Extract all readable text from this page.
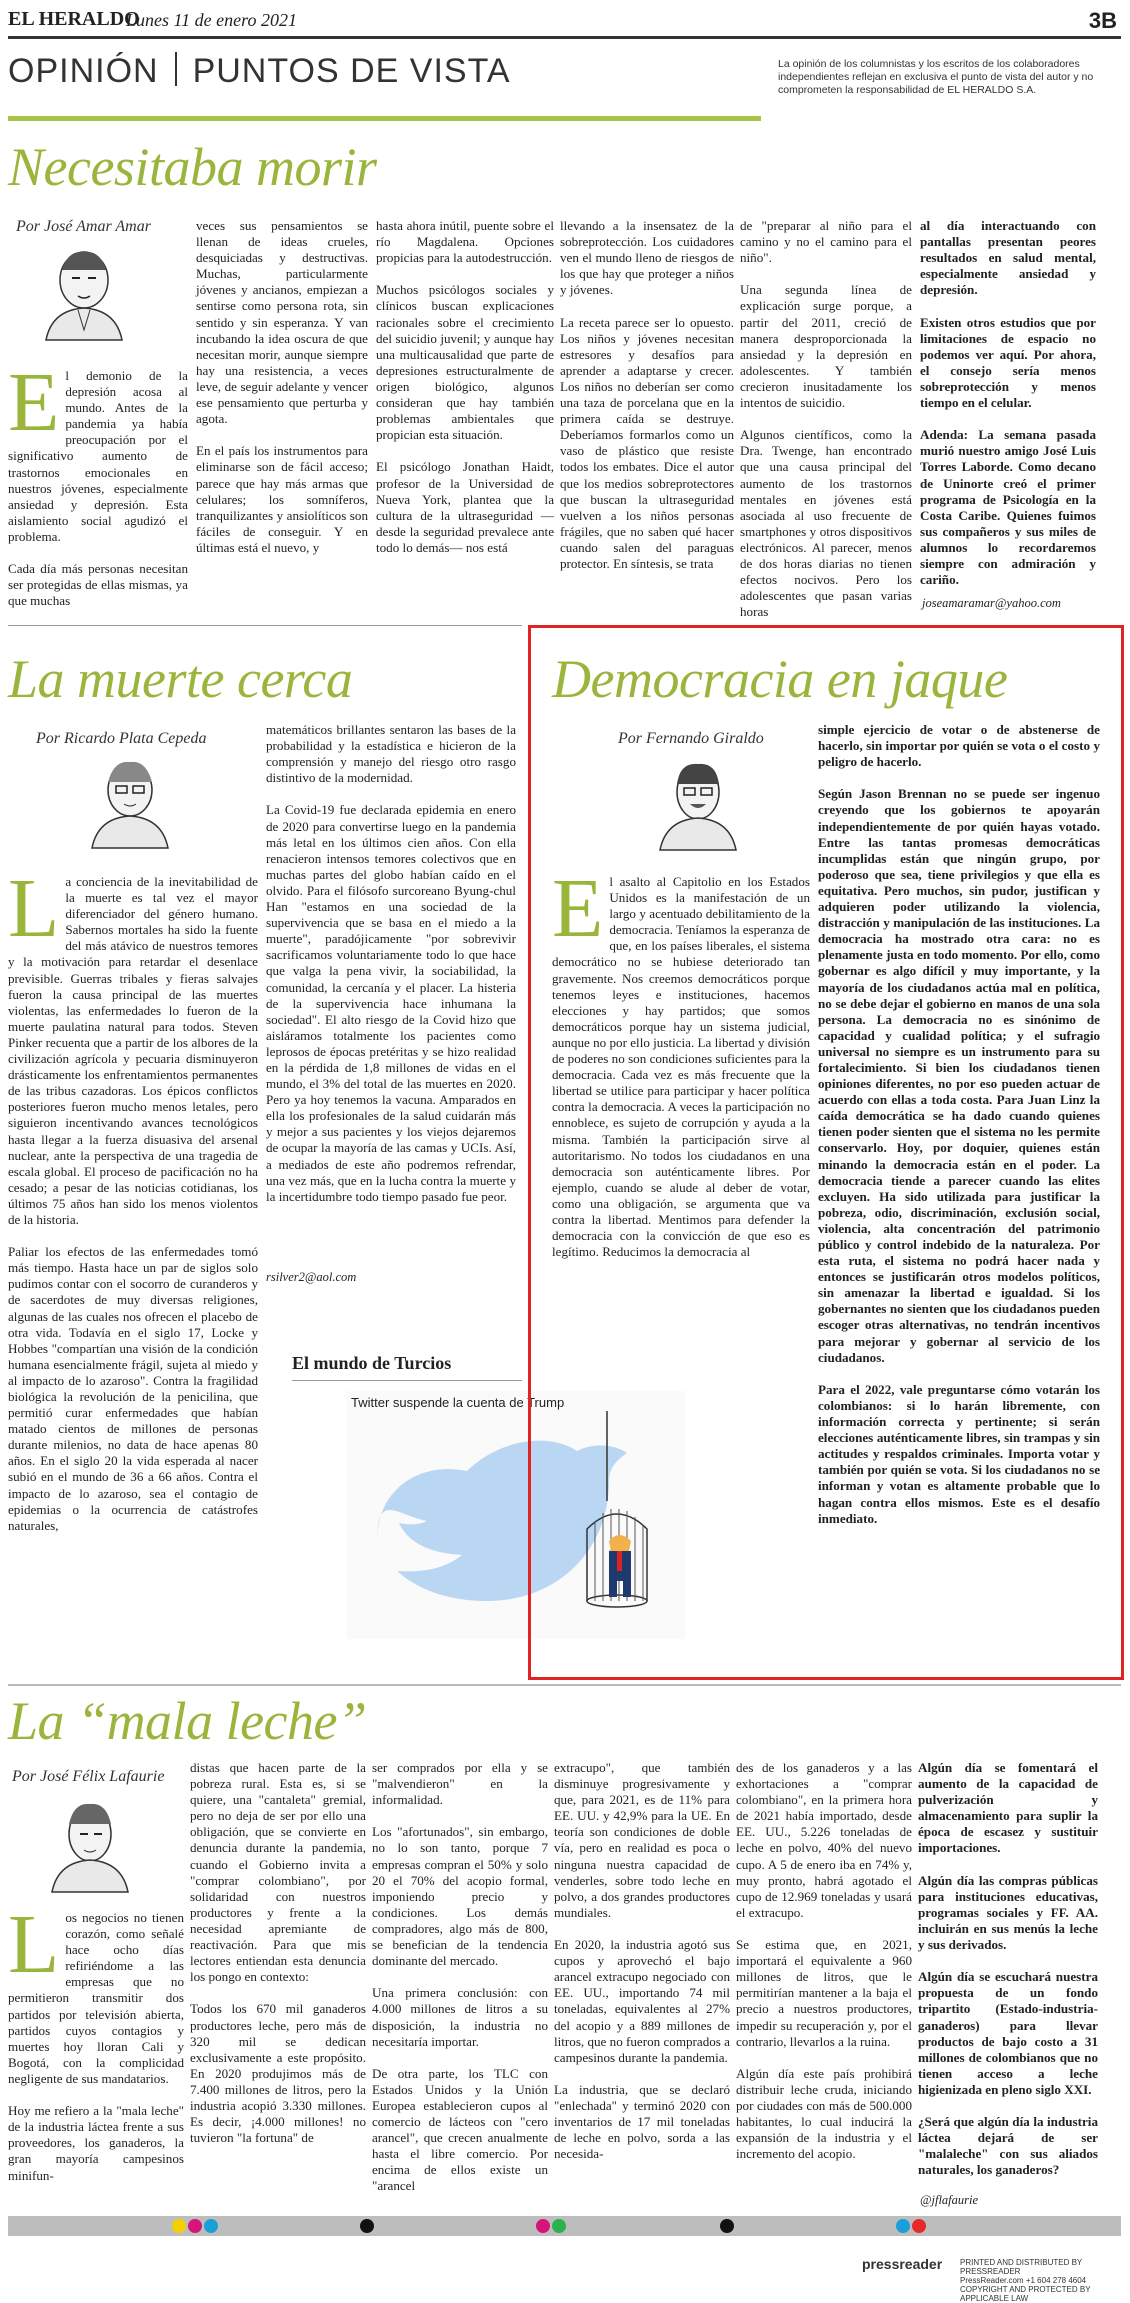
EL HERALDO
Lunes 11 de enero 2021	3B
OPINIÓN PUNTOS DE VISTA	La opinión de los columnistas y los escritos de los colaboradores independientes reflejan en exclusiva el punto de vista del autor y no comprometen la responsabilidad de EL HERALDO S.A.
Necesitaba morir
Por José Amar Amar
El demonio de la depresión acosa al mundo. Antes de la pandemia ya había preocupación por el significativo aumento de trastornos emocionales en nuestros jóvenes, especialmente ansiedad y depresión. Esta aislamiento social agudizó el problema.

Cada día más personas necesitan ser protegidas de ellas mismas, ya que muchas
veces sus pensamientos se llenan de ideas crueles, desquiciadas y destructivas. Muchas, particularmente jóvenes y ancianos, empiezan a sentirse como persona rota, sin sentido y sin esperanza. Y van incubando la idea oscura de que necesitan morir, aunque siempre hay una resistencia, a veces leve, de seguir adelante y vencer ese pensamiento que perturba y agota.

En el país los instrumentos para eliminarse son de fácil acceso; parece que hay más armas que celulares; los somníferos, tranquilizantes y ansiolíticos son fáciles de conseguir. Y en últimas está el nuevo, y
hasta ahora inútil, puente sobre el río Magdalena. Opciones propicias para la autodestrucción.

Muchos psicólogos sociales y clínicos buscan explicaciones racionales sobre el crecimiento del suicidio juvenil; y aunque hay una multicausalidad que parte de depresiones estructuralmente de origen biológico, algunos consideran que hay también problemas ambientales que propician esta situación.

El psicólogo Jonathan Haidt, profesor de la Universidad de Nueva York, plantea que la cultura de la ultraseguridad —desde la seguridad prevalece ante todo lo demás— nos está
llevando a la insensatez de la sobreprotección. Los cuidadores ven el mundo lleno de riesgos de los que hay que proteger a niños y jóvenes.

La receta parece ser lo opuesto. Los niños y jóvenes necesitan estresores y desafíos para aprender a adaptarse y crecer. Los niños no deberían ser como una taza de porcelana que en la primera caída se destruye. Deberíamos formarlos como un vaso de plástico que resiste todos los embates. Dice el autor que los medios sobreprotectores que buscan la ultraseguridad vuelven a los niños personas frágiles, que no saben qué hacer cuando salen del paraguas protector. En síntesis, se trata
de "preparar al niño para el camino y no el camino para el niño".

Una segunda línea de explicación surge porque, a partir del 2011, creció de manera desproporcionada la ansiedad y la depresión en adolescentes. Y también crecieron inusitadamente los intentos de suicidio.

Algunos científicos, como la Dra. Twenge, han encontrado que una causa principal del aumento de los trastornos mentales en jóvenes está asociada al uso frecuente de smartphones y otros dispositivos electrónicos. Al parecer, menos de dos horas diarias no tienen efectos nocivos. Pero los adolescentes que pasan varias horas
al día interactuando con pantallas presentan peores resultados en salud mental, especialmente ansiedad y depresión.

Existen otros estudios que por limitaciones de espacio no podemos ver aquí. Por ahora, el consejo sería menos sobreprotección y menos tiempo en el celular.

Adenda: La semana pasada murió nuestro amigo José Luis Torres Laborde. Como decano de Uninorte creó el primer programa de Psicología en la Costa Caribe. Quienes fuimos sus compañeros y sus miles de alumnos lo recordaremos siempre con admiración y cariño.
joseamaramar@yahoo.com
La muerte cerca
Por Ricardo Plata Cepeda
La conciencia de la inevitabilidad de la muerte es tal vez el mayor diferenciador del género humano. Sabernos mortales ha sido la fuente del más atávico de nuestros temores y la motivación para retardar el desenlace previsible. Guerras tribales y fieras salvajes fueron la causa principal de las muertes violentas, las enfermedades lo fueron de la muerte paulatina natural para todos. Steven Pinker recuenta que a partir de los albores de la civilización agrícola y pecuaria disminuyeron drásticamente los enfrentamientos permanentes de las tribus cazadoras. Los épicos conflictos posteriores fueron mucho menos letales, pero siguieron incentivando avances tecnológicos hasta llegar a la fuerza disuasiva del arsenal nuclear, ante la perspectiva de una tragedia de escala global. El proceso de pacificación no ha cesado; a pesar de las noticias cotidianas, los últimos 75 años han sido los menos violentos de la historia.

Paliar los efectos de las enfermedades tomó más tiempo. Hasta hace un par de siglos solo pudimos contar con el socorro de curanderos y de sacerdotes de muy diversas religiones, algunas de las cuales nos ofrecen el placebo de otra vida. Todavía en el siglo 17, Locke y Hobbes "compartían una visión de la condición humana esencialmente frágil, sujeta al miedo y al impacto de lo azaroso". Contra la fragilidad biológica la revolución de la penicilina, que permitió curar enfermedades que habían matado cientos de millones de personas durante milenios, no data de hace apenas 80 años. En el siglo 20 la vida esperada al nacer subió en el mundo de 36 a 66 años. Contra el impacto de lo azaroso, sea el contagio de epidemias o la ocurrencia de catástrofes naturales,
matemáticos brillantes sentaron las bases de la probabilidad y la estadística e hicieron de la comprensión y manejo del riesgo otro rasgo distintivo de la modernidad.

La Covid-19 fue declarada epidemia en enero de 2020 para convertirse luego en la pandemia más letal en los últimos cien años. Con ella renacieron intensos temores colectivos que en muchas partes del globo habían caído en el olvido. Para el filósofo surcoreano Byung-chul Han "estamos en una sociedad de la supervivencia que se basa en el miedo a la muerte", paradójicamente "por sobrevivir sacrificamos voluntariamente todo lo que hace que valga la pena vivir, la sociabilidad, la comunidad, la cercanía y el placer. La histeria de la supervivencia hace inhumana la sociedad". El alto riesgo de la Covid hizo que aisláramos totalmente los pacientes como leprosos de épocas pretéritas y se hizo realidad en la pérdida de 1,8 millones de vidas en el mundo, el 3% del total de las muertes en 2020. Pero ya hoy tenemos la vacuna. Amparados en ella los profesionales de la salud cuidarán más y mejor a sus pacientes y los viejos dejaremos de ocupar la mayoría de las camas y UCIs. Así, a mediados de este año podremos refrendar, una vez más, que en la lucha contra la muerte y la incertidumbre todo tiempo pasado fue peor.
rsilver2@aol.com
El mundo de Turcios
Twitter suspende la cuenta de Trump
Democracia en jaque
Por Fernando Giraldo
El asalto al Capitolio en los Estados Unidos es la manifestación de un largo y acentuado debilitamiento de la democracia. Teníamos la esperanza de que, en los países liberales, el sistema democrático no se hubiese deteriorado tan gravemente. Nos creemos democráticos porque tenemos leyes e instituciones, hacemos elecciones y hay partidos; que somos democráticos porque hay un sistema judicial, aunque no por ello justicia. La libertad y división de poderes no son condiciones suficientes para la democracia. Cada vez es más frecuente que la libertad se utilice para participar y hacer política contra la democracia. A veces la participación no ennoblece, es sujeto de corrupción y ayuda a la misma. También la participación sirve al autoritarismo. No todos los ciudadanos en una democracia son auténticamente libres. Por ejemplo, cuando se alude al deber de votar, como una obligación, se argumenta que va contra la libertad. Mentimos para defender la democracia con la convicción de que eso es legítimo. Reducimos la democracia al
simple ejercicio de votar o de abstenerse de hacerlo, sin importar por quién se vota o el costo y peligro de hacerlo.

Según Jason Brennan no se puede ser ingenuo creyendo que los gobiernos te apoyarán independientemente de por quién hayas votado. Entre las tantas promesas democráticas incumplidas están que ningún grupo, por poderoso que sea, tiene privilegios y que ella es equitativa. Pero muchos, sin pudor, justifican y adquieren poder utilizando la violencia, distracción y manipulación de las instituciones. La democracia ha mostrado otra cara: no es plenamente justa en todo momento. Por ello, como gobernar es algo difícil y muy importante, y la mayoría de los ciudadanos actúa mal en política, no se debe dejar el gobierno en manos de una sola persona. La democracia no es sinónimo de capacidad y cualidad política; y el sufragio universal no siempre es un instrumento para su fortalecimiento. Si bien los ciudadanos tienen opiniones diferentes, no por eso pueden actuar de acuerdo con ellas a toda costa. Para Juan Linz la caída democrática se ha dado cuando quienes tienen poder sienten que el sistema no les permite conservarlo. Hoy, por doquier, quienes están minando la democracia están en el poder. La democracia tiende a parecer cuando las elites excluyen. Ha sido utilizada para justificar la pobreza, odio, discriminación, exclusión social, violencia, alta concentración del patrimonio público y control indebido de la naturaleza. Por esta ruta, el sistema no podrá hacer nada y entonces se justificarán otros modelos políticos, sin amenazar la libertad e igualdad. Si los gobernantes no sienten que los ciudadanos pueden escoger otras alternativas, no tendrán incentivos para mejorar y gobernar al servicio de los ciudadanos.

Para el 2022, vale preguntarse cómo votarán los colombianos: si lo harán libremente, con información correcta y pertinente; si serán elecciones auténticamente libres, sin trampas y sin actitudes y respaldos criminales. Importa votar y también por quién se vota. Si los ciudadanos no se informan y votan es altamente probable que lo hagan contra ellos mismos. Este es el desafío inmediato.
La “mala leche”
Por José Félix Lafaurie
Los negocios no tienen corazón, como señalé hace ocho días refiriéndome a las empresas que no permitieron transmitir dos partidos por televisión abierta, partidos cuyos contagios y muertes hoy lloran Cali y Bogotá, con la complicidad negligente de sus mandatarios.

Hoy me refiero a la "mala leche" de la industria láctea frente a sus proveedores, los ganaderos, la gran mayoría campesinos minifun-
distas que hacen parte de la pobreza rural. Esta es, si se quiere, una "cantaleta" gremial, pero no deja de ser por ello una obligación, que se convierte en denuncia durante la pandemia, cuando el Gobierno invita a "comprar colombiano", por solidaridad con nuestros productores y frente a la necesidad apremiante de reactivación. Para que mis lectores entiendan esta denuncia los pongo en contexto:

Todos los 670 mil ganaderos productores leche, pero más de 320 mil se dedican exclusivamente a este propósito. En 2020 produjimos más de 7.400 millones de litros, pero la industria acopió 3.330 millones. Es decir, ¡4.000 millones! no tuvieron "la fortuna" de
ser comprados por ella y se "malvendieron" en la informalidad.

Los "afortunados", sin embargo, no lo son tanto, porque 7 empresas compran el 50% y solo 20 el 70% del acopio formal, imponiendo precio y condiciones. Los demás compradores, algo más de 800, se benefician de la tendencia dominante del mercado.

Una primera conclusión: con 4.000 millones de litros a su disposición, la industria no necesitaría importar.

De otra parte, los TLC con Estados Unidos y la Unión Europea establecieron cupos al comercio de lácteos con "cero arancel", que crecen anualmente hasta el libre comercio. Por encima de ellos existe un "arancel
extracupo", que también disminuye progresivamente y que, para 2021, es de 11% para EE. UU. y 42,9% para la UE. En teoría son condiciones de doble vía, pero en realidad es poca o ninguna nuestra capacidad de venderles, sobre todo leche en polvo, a dos grandes productores mundiales.

En 2020, la industria agotó sus cupos y aprovechó el bajo arancel extracupo negociado con EE. UU., importando 74 mil toneladas, equivalentes al 27% del acopio y a 889 millones de litros, que no fueron comprados a campesinos durante la pandemia.

La industria, que se declaró "enlechada" y terminó 2020 con inventarios de 17 mil toneladas de leche en polvo, sorda a las necesida-
des de los ganaderos y a las exhortaciones a "comprar colombiano", en la primera hora de 2021 había importado, desde EE. UU., 5.226 toneladas de leche en polvo, 40% del nuevo cupo. A 5 de enero iba en 74% y, muy pronto, habrá agotado el cupo de 12.969 toneladas y usará el extracupo.

Se estima que, en 2021, importará el equivalente a 960 millones de litros, que le permitirían mantener a la baja el precio a nuestros productores, impedir su recuperación y, por el contrario, llevarlos a la ruina.

Algún día este país prohibirá distribuir leche cruda, iniciando por ciudades con más de 500.000 habitantes, lo cual inducirá la expansión de la industria y el incremento del acopio.
Algún día se fomentará el aumento de la capacidad de pulverización y almacenamiento para suplir la época de escasez y sustituir importaciones.

Algún día las compras públicas para instituciones educativas, programas sociales y FF. AA. incluirán en sus menús la leche y sus derivados.

Algún día se escuchará nuestra propuesta de un fondo tripartito (Estado-industria- ganaderos) para llevar productos de bajo costo a 31 millones de colombianos que no tienen acceso a leche higienizada en pleno siglo XXI.

¿Será que algún día la industria láctea dejará de ser "malaleche" con sus aliados naturales, los ganaderos?
@jflafaurie
pressreader PRINTED AND DISTRIBUTED BY PRESSREADER
PressReader.com +1 604 278 4604
COPYRIGHT AND PROTECTED BY APPLICABLE LAW
